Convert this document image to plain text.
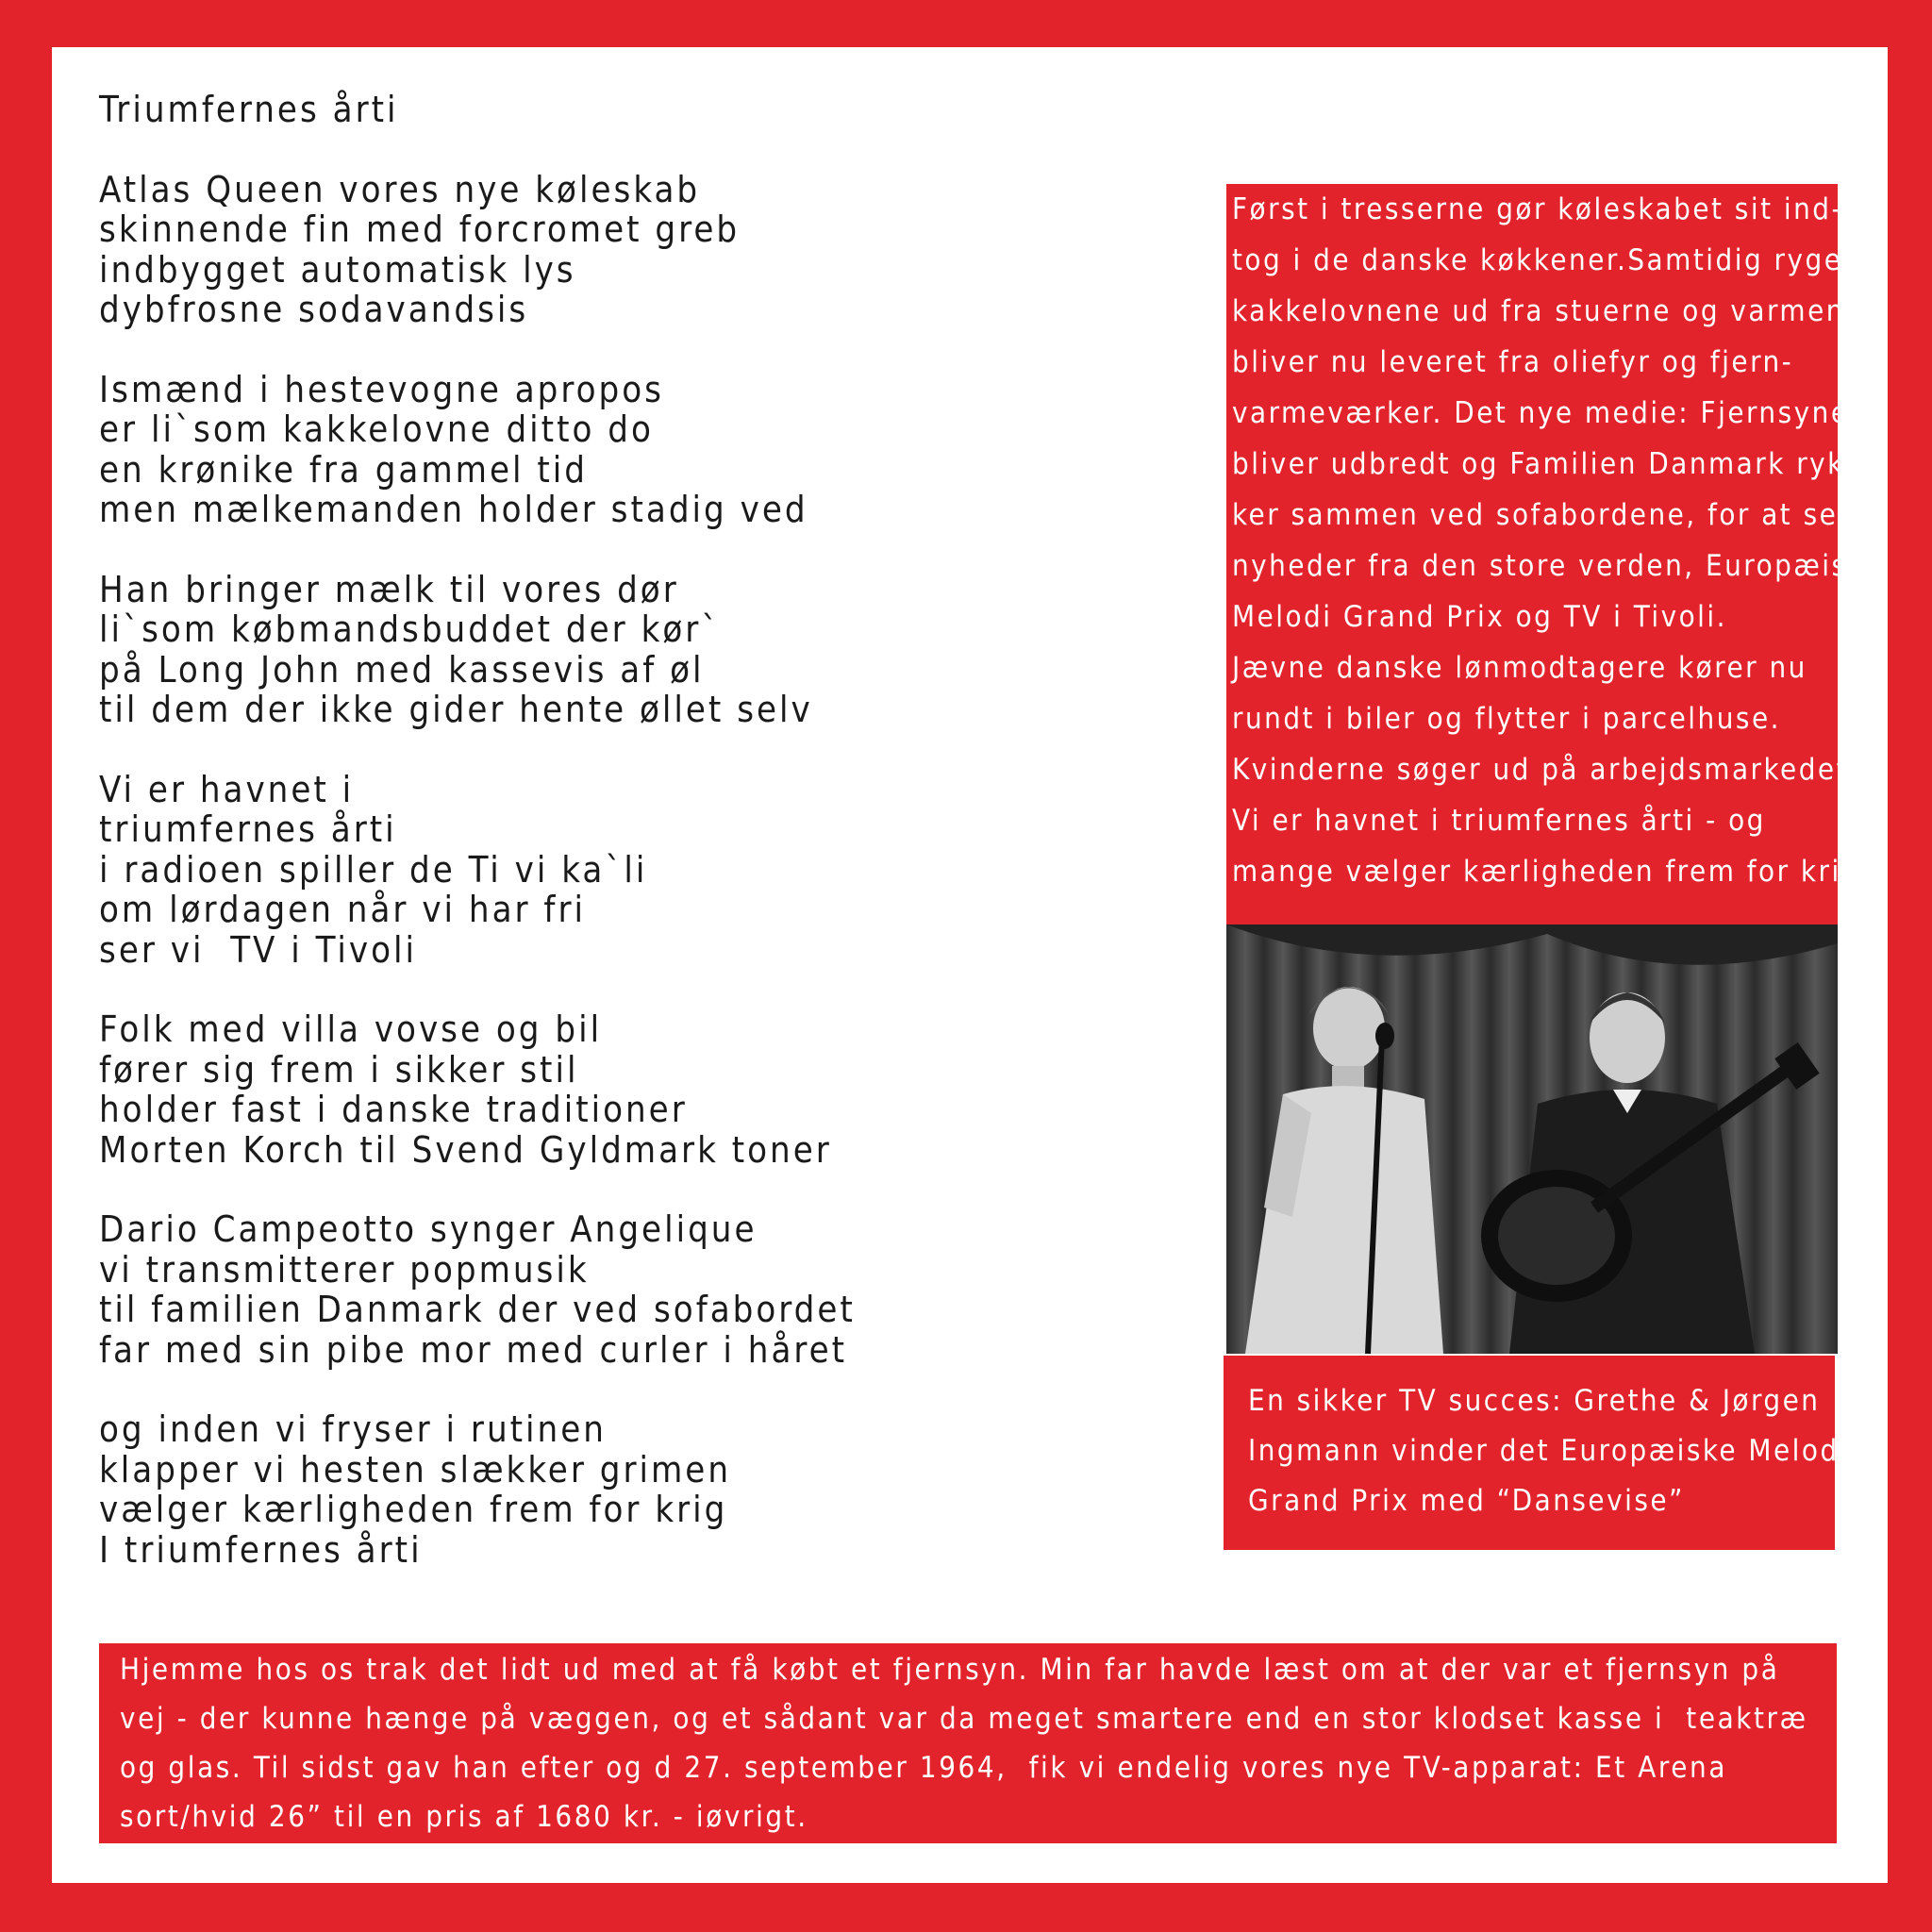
Triumfernes årti
Atlas Queen vores nye køleskab
skinnende fin med forcromet greb
indbygget automatisk lys
dybfrosne sodavandsis
Ismænd i hestevogne apropos
er li`som kakkelovne ditto do
en krønike fra gammel tid
men mælkemanden holder stadig ved
Han bringer mælk til vores dør
li`som købmandsbuddet der kør`
på Long John med kassevis af øl
til dem der ikke gider hente øllet selv
Vi er havnet i
triumfernes årti
i radioen spiller de Ti vi ka`li
om lørdagen når vi har fri
ser vi  TV i Tivoli
Folk med villa vovse og bil
fører sig frem i sikker stil
holder fast i danske traditioner
Morten Korch til Svend Gyldmark toner
Dario Campeotto synger Angelique
vi transmitterer popmusik
til familien Danmark der ved sofabordet
far med sin pibe mor med curler i håret
og inden vi fryser i rutinen
klapper vi hesten slækker grimen
vælger kærligheden frem for krig
I triumfernes årti
Først i tresserne gør køleskabet sit ind-
tog i de danske køkkener.Samtidig ryger
kakkelovnene ud fra stuerne og varmen
bliver nu leveret fra oliefyr og fjern-
varmeværker. Det nye medie: Fjernsynet
bliver udbredt og Familien Danmark ryk-
ker sammen ved sofabordene, for at se
nyheder fra den store verden, Europæisk
Melodi Grand Prix og TV i Tivoli.
Jævne danske lønmodtagere kører nu
rundt i biler og flytter i parcelhuse.
Kvinderne søger ud på arbejdsmarkedet.
Vi er havnet i triumfernes årti - og
mange vælger kærligheden frem for krig.
En sikker TV succes: Grethe & Jørgen
Ingmann vinder det Europæiske Melodi
Grand Prix med “Dansevise”
Hjemme hos os trak det lidt ud med at få købt et fjernsyn. Min far havde læst om at der var et fjernsyn på
vej - der kunne hænge på væggen, og et sådant var da meget smartere end en stor klodset kasse i  teaktræ
og glas. Til sidst gav han efter og d 27. september 1964,  fik vi endelig vores nye TV-apparat: Et Arena
sort/hvid 26” til en pris af 1680 kr. - iøvrigt.
